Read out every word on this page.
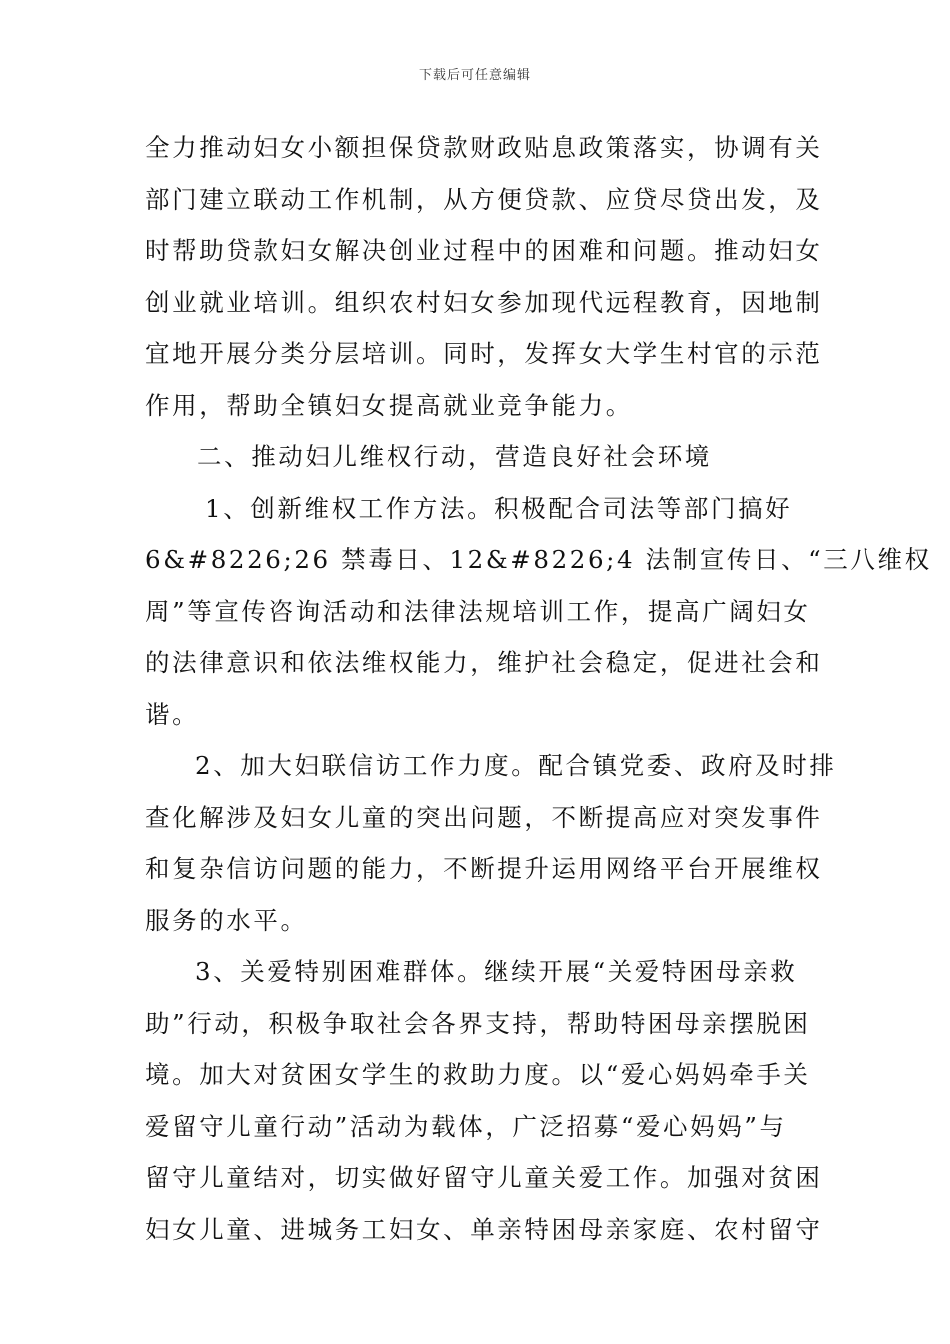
下载后可任意编辑
全力推动妇女小额担保贷款财政贴息政策落实，协调有关
部门建立联动工作机制，从方便贷款、应贷尽贷出发，及
时帮助贷款妇女解决创业过程中的困难和问题。推动妇女
创业就业培训。组织农村妇女参加现代远程教育，因地制
宜地开展分类分层培训。同时，发挥女大学生村官的示范
作用，帮助全镇妇女提高就业竞争能力。
二、推动妇儿维权行动，营造良好社会环境
1、创新维权工作方法。积极配合司法等部门搞好
6&#8226;26 禁毒日、12&#8226;4 法制宣传日、“三八维权
周”等宣传咨询活动和法律法规培训工作，提高广阔妇女
的法律意识和依法维权能力，维护社会稳定，促进社会和
谐。
2、加大妇联信访工作力度。配合镇党委、政府及时排
查化解涉及妇女儿童的突出问题，不断提高应对突发事件
和复杂信访问题的能力，不断提升运用网络平台开展维权
服务的水平。
3、关爱特别困难群体。继续开展“关爱特困母亲救
助”行动，积极争取社会各界支持，帮助特困母亲摆脱困
境。加大对贫困女学生的救助力度。以“爱心妈妈牵手关
爱留守儿童行动”活动为载体，广泛招募“爱心妈妈”与
留守儿童结对，切实做好留守儿童关爱工作。加强对贫困
妇女儿童、进城务工妇女、单亲特困母亲家庭、农村留守
